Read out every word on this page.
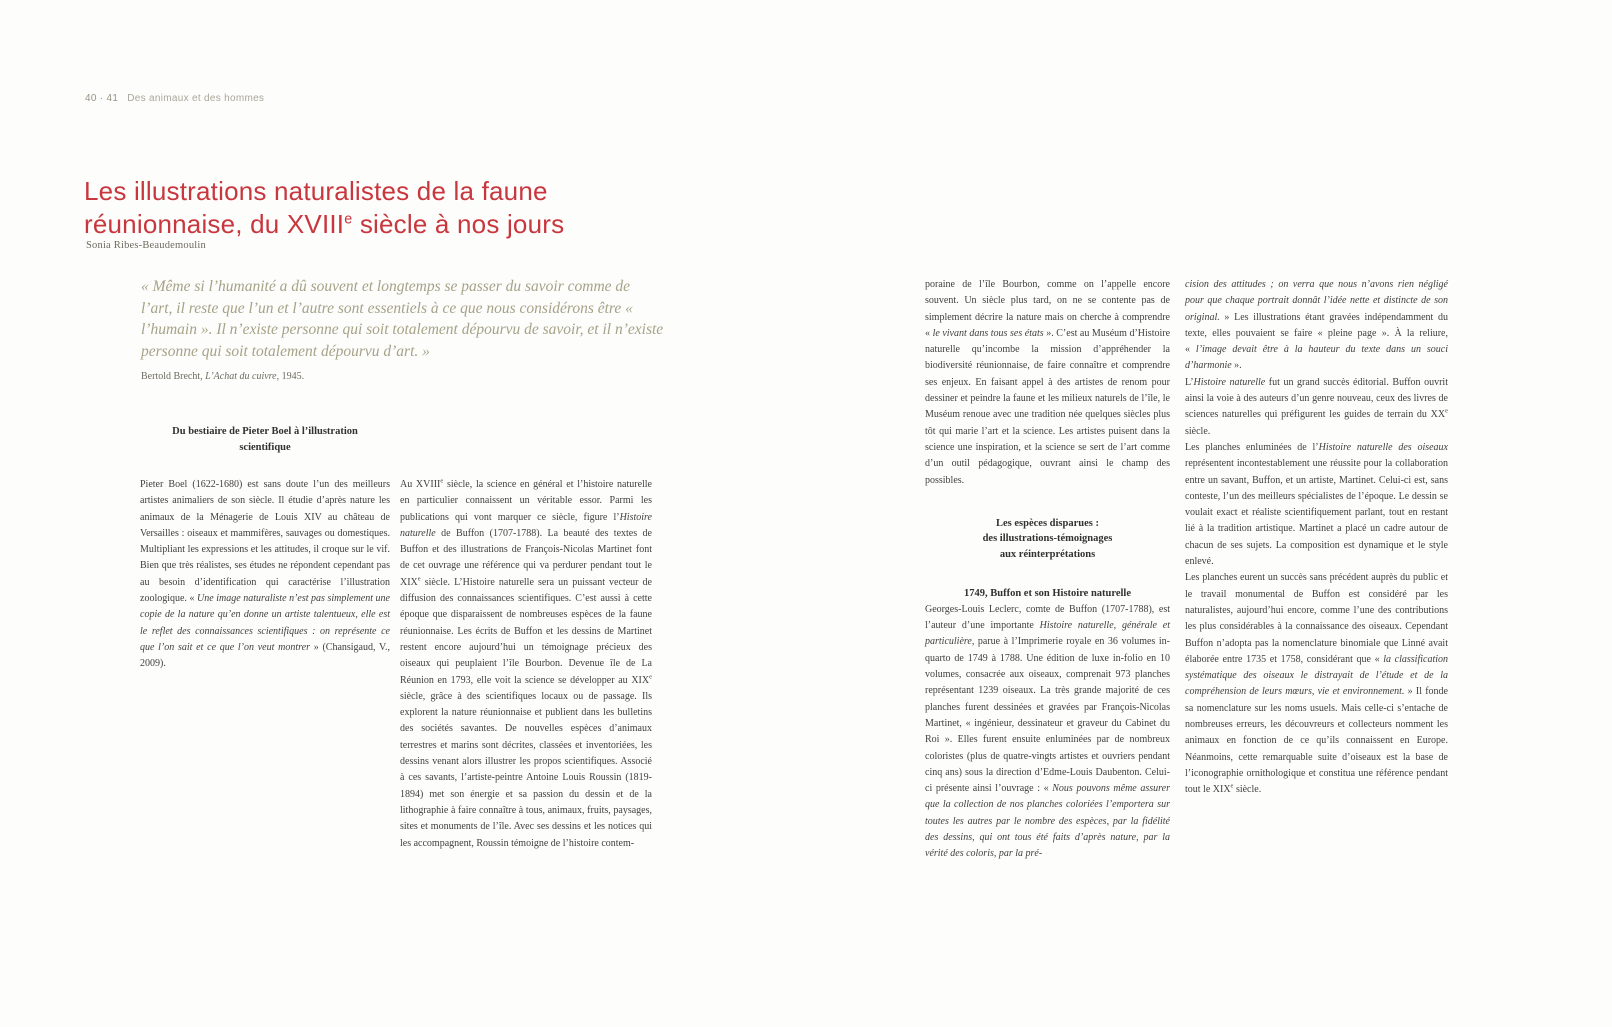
40 · 41 Des animaux et des hommes
Les illustrations naturalistes de la faune
réunionnaise, du XVIIIe siècle à nos jours
Sonia Ribes-Beaudemoulin
« Même si l’humanité a dû souvent et longtemps se passer du savoir comme de l’art, il reste que l’un et l’autre sont essentiels à ce que nous considérons être « l’humain ». Il n’existe personne qui soit totalement dépourvu de savoir, et il n’existe personne qui soit totalement dépourvu d’art. »
Bertold Brecht, L’Achat du cuivre, 1945.
Du bestiaire de Pieter Boel à l’illustration
scientifique

Pieter Boel (1622-1680) est sans doute l’un des meilleurs artistes animaliers de son siècle. Il étudie d’après nature les animaux de la Ménagerie de Louis XIV au château de Versailles : oiseaux et mammifères, sauvages ou domestiques. Multipliant les expressions et les attitudes, il croque sur le vif. Bien que très réalistes, ses études ne répondent cependant pas au besoin d’identification qui caractérise l’illustration zoologique. « Une image naturaliste n’est pas simplement une copie de la nature qu’en donne un artiste talentueux, elle est le reflet des connaissances scientifiques : on représente ce que l’on sait et ce que l’on veut montrer » (Chansigaud, V., 2009).

Au XVIIIe siècle, la science en général et l’histoire naturelle en particulier connaissent un véritable essor. Parmi les publications qui vont marquer ce siècle, figure l’Histoire naturelle de Buffon (1707-1788). La beauté des textes de Buffon et des illustrations de François-Nicolas Martinet font de cet ouvrage une référence qui va perdurer pendant tout le XIXe siècle. L’Histoire naturelle sera un puissant vecteur de diffusion des connaissances scientifiques. C’est aussi à cette époque que disparaissent de nombreuses espèces de la faune réunionnaise. Les écrits de Buffon et les dessins de Martinet restent encore aujourd’hui un témoignage précieux des oiseaux qui peuplaient l’île Bourbon. Devenue île de La Réunion en 1793, elle voit la science se développer au XIXe siècle, grâce à des scientifiques locaux ou de passage. Ils explorent la nature réunionnaise et publient dans les bulletins des sociétés savantes. De nouvelles espèces d’animaux terrestres et marins sont décrites, classées et inventoriées, les dessins venant alors illustrer les propos scientifiques. Associé à ces savants, l’artiste-peintre Antoine Louis Roussin (1819-1894) met son énergie et sa passion du dessin et de la lithographie à faire connaître à tous, animaux, fruits, paysages, sites et monuments de l’île. Avec ses dessins et les notices qui les accompagnent, Roussin témoigne de l’histoire contem-

poraine de l’île Bourbon, comme on l’appelle encore souvent. Un siècle plus tard, on ne se contente pas de simplement décrire la nature mais on cherche à comprendre « le vivant dans tous ses états ». C’est au Muséum d’Histoire naturelle qu’incombe la mission d’appréhender la biodiversité réunionnaise, de faire connaître et comprendre ses enjeux. En faisant appel à des artistes de renom pour dessiner et peindre la faune et les milieux naturels de l’île, le Muséum renoue avec une tradition née quelques siècles plus tôt qui marie l’art et la science. Les artistes puisent dans la science une inspiration, et la science se sert de l’art comme d’un outil pédagogique, ouvrant ainsi le champ des possibles.

Les espèces disparues :
des illustrations-témoignages
aux réinterprétations
1749, Buffon et son Histoire naturelle

Georges-Louis Leclerc, comte de Buffon (1707-1788), est l’auteur d’une importante Histoire naturelle, générale et particulière, parue à l’Imprimerie royale en 36 volumes in-quarto de 1749 à 1788. Une édition de luxe in-folio en 10 volumes, consacrée aux oiseaux, comprenait 973 planches représentant 1239 oiseaux. La très grande majorité de ces planches furent dessinées et gravées par François-Nicolas Martinet, « ingénieur, dessinateur et graveur du Cabinet du Roi ». Elles furent ensuite enluminées par de nombreux coloristes (plus de quatre-vingts artistes et ouvriers pendant cinq ans) sous la direction d’Edme-Louis Daubenton. Celui-ci présente ainsi l’ouvrage : « Nous pouvons même assurer que la collection de nos planches coloriées l’emportera sur toutes les autres par le nombre des espèces, par la fidélité des dessins, qui ont tous été faits d’après nature, par la vérité des coloris, par la pré-

cision des attitudes ; on verra que nous n’avons rien négligé pour que chaque portrait donnât l’idée nette et distincte de son original. » Les illustrations étant gravées indépendamment du texte, elles pouvaient se faire « pleine page ». À la reliure, « l’image devait être à la hauteur du texte dans un souci d’harmonie ».

L’Histoire naturelle fut un grand succès éditorial. Buffon ouvrit ainsi la voie à des auteurs d’un genre nouveau, ceux des livres de sciences naturelles qui préfigurent les guides de terrain du XXe siècle.

Les planches enluminées de l’Histoire naturelle des oiseaux représentent incontestablement une réussite pour la collaboration entre un savant, Buffon, et un artiste, Martinet. Celui-ci est, sans conteste, l’un des meilleurs spécialistes de l’époque. Le dessin se voulait exact et réaliste scientifiquement parlant, tout en restant lié à la tradition artistique. Martinet a placé un cadre autour de chacun de ses sujets. La composition est dynamique et le style enlevé.

Les planches eurent un succès sans précédent auprès du public et le travail monumental de Buffon est considéré par les naturalistes, aujourd’hui encore, comme l’une des contributions les plus considérables à la connaissance des oiseaux. Cependant Buffon n’adopta pas la nomenclature binomiale que Linné avait élaborée entre 1735 et 1758, considérant que « la classification systématique des oiseaux le distrayait de l’étude et de la compréhension de leurs mœurs, vie et environnement. » Il fonde sa nomenclature sur les noms usuels. Mais celle-ci s’entache de nombreuses erreurs, les découvreurs et collecteurs nomment les animaux en fonction de ce qu’ils connaissent en Europe. Néanmoins, cette remarquable suite d’oiseaux est la base de l’iconographie ornithologique et constitua une référence pendant tout le XIXe siècle.
